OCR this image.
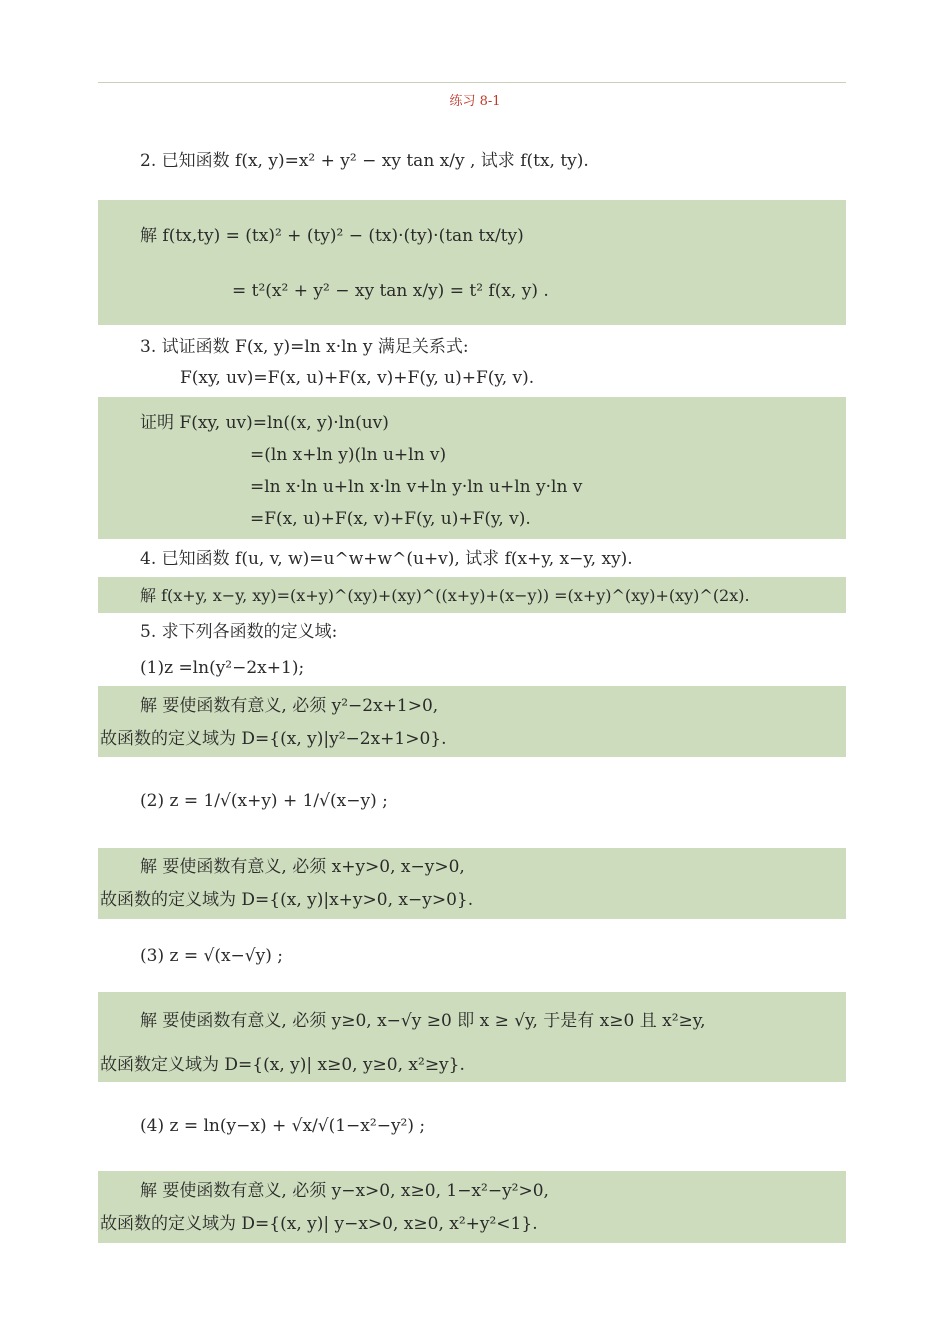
练习 8-1
2. 已知函数 f(x, y)=x² + y² − xy tan x/y , 试求 f(tx, ty).
解 f(tx,ty) = (tx)² + (ty)² − (tx)·(ty)·(tan tx/ty)
= t²(x² + y² − xy tan x/y) = t² f(x, y) .
3. 试证函数 F(x, y)=ln x·ln y 满足关系式:
F(xy, uv)=F(x, u)+F(x, v)+F(y, u)+F(y, v).
证明 F(xy, uv)=ln((x, y)·ln(uv)
=(ln x+ln y)(ln u+ln v)
=ln x·ln u+ln x·ln v+ln y·ln u+ln y·ln v
=F(x, u)+F(x, v)+F(y, u)+F(y, v).
4. 已知函数 f(u, v, w)=u^w+w^(u+v), 试求 f(x+y, x−y, xy).
解 f(x+y, x−y, xy)=(x+y)^(xy)+(xy)^((x+y)+(x−y)) =(x+y)^(xy)+(xy)^(2x).
5. 求下列各函数的定义域:
(1)z =ln(y²−2x+1);
解 要使函数有意义, 必须 y²−2x+1>0,
故函数的定义域为 D={(x, y)|y²−2x+1>0}.
(2) z = 1/√(x+y) + 1/√(x−y) ;
解 要使函数有意义, 必须 x+y>0, x−y>0,
故函数的定义域为 D={(x, y)|x+y>0, x−y>0}.
(3) z = √(x−√y) ;
解 要使函数有意义, 必须 y≥0, x−√y ≥0 即 x ≥ √y, 于是有 x≥0 且 x²≥y,
故函数定义域为 D={(x, y)| x≥0, y≥0, x²≥y}.
(4) z = ln(y−x) + √x/√(1−x²−y²) ;
解 要使函数有意义, 必须 y−x>0, x≥0, 1−x²−y²>0,
故函数的定义域为 D={(x, y)| y−x>0, x≥0, x²+y²<1}.
